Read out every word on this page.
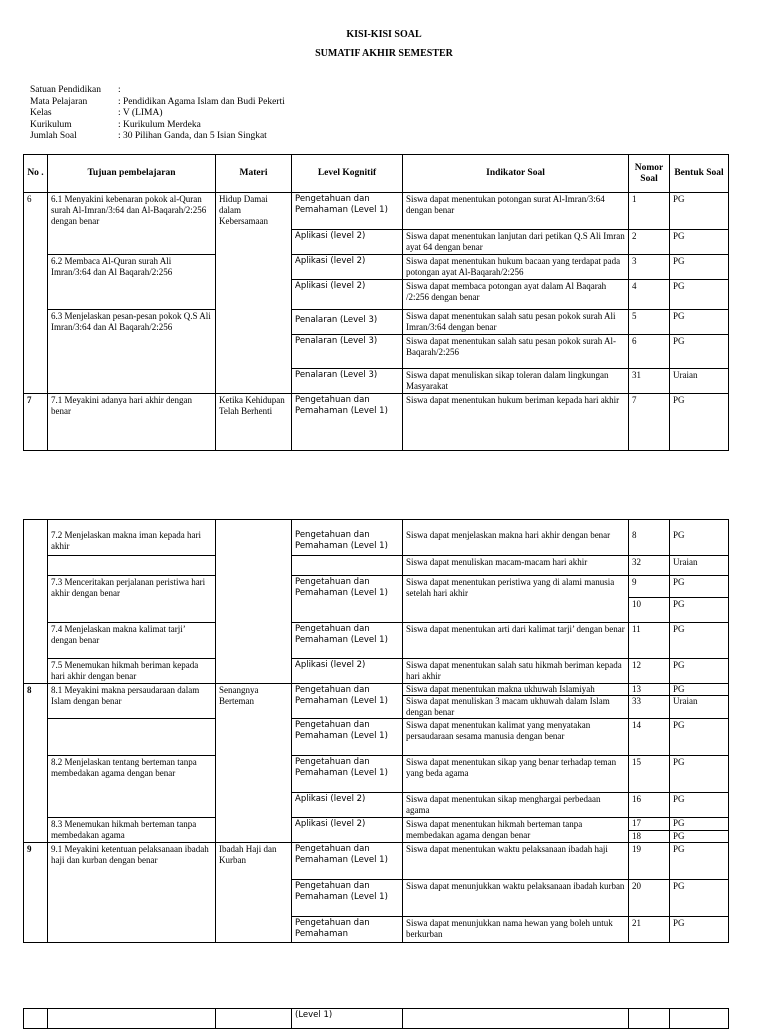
KISI-KISI SOAL
SUMATIF AKHIR SEMESTER
Satuan Pendidikan	:
Mata Pelajaran	: Pendidikan Agama Islam dan Budi Pekerti
Kelas	: V (LIMA)
Kurikulum	: Kurikulum Merdeka
Jumlah Soal	: 30 Pilihan Ganda, dan 5 Isian Singkat
No .	Tujuan pembelajaran	Materi	Level Kognitif	Indikator Soal	Nomor Soal	Bentuk Soal
6	6.1 Menyakini kebenaran pokok al-Quran surah Al-Imran/3:64 dan Al-Baqarah/2:256 dengan benar	Hidup Damai dalam Kebersamaan	Pengetahuan dan Pemahaman (Level 1)	Siswa dapat menentukan potongan surat Al-Imran/3:64 dengan benar	1	PG
			Aplikasi (level 2)	Siswa dapat menentukan lanjutan dari petikan Q.S Ali Imran ayat 64 dengan benar	2	PG
	6.2 Membaca Al-Quran surah Ali Imran/3:64 dan Al Baqarah/2:256		Aplikasi (level 2)	Siswa dapat menentukan hukum bacaan yang terdapat pada potongan ayat Al-Baqarah/2:256	3	PG
			Aplikasi (level 2)	Siswa dapat membaca potongan ayat dalam Al Baqarah /2:256 dengan benar	4	PG
	6.3 Menjelaskan pesan-pesan pokok Q.S Ali Imran/3:64 dan Al Baqarah/2:256		Penalaran (Level 3)	Siswa dapat menentukan salah satu pesan pokok surah Ali Imran/3:64 dengan benar	5	PG
			Penalaran (Level 3)	Siswa dapat menentukan salah satu pesan pokok surah Al-Baqarah/2:256	6	PG
			Penalaran (Level 3)	Siswa dapat menuliskan sikap toleran dalam lingkungan Masyarakat	31	Uraian
7	7.1 Meyakini adanya hari akhir dengan benar	Ketika Kehidupan Telah Berhenti	Pengetahuan dan Pemahaman (Level 1)	Siswa dapat menentukan hukum beriman kepada hari akhir	7	PG
	7.2 Menjelaskan makna iman kepada hari akhir		Pengetahuan dan Pemahaman (Level 1)	Siswa dapat menjelaskan makna hari akhir dengan benar	8	PG
				Siswa dapat menuliskan macam-macam hari akhir	32	Uraian
	7.3 Menceritakan perjalanan peristiwa hari akhir dengan benar		Pengetahuan dan Pemahaman (Level 1)	Siswa dapat menentukan peristiwa yang di alami manusia setelah hari akhir	9	PG
					10	PG
	7.4 Menjelaskan makna kalimat tarji’ dengan benar		Pengetahuan dan Pemahaman (Level 1)	Siswa dapat menentukan arti dari kalimat tarji’ dengan benar	11	PG
	7.5 Menemukan hikmah beriman kepada hari akhir dengan benar		Aplikasi (level 2)	Siswa dapat menentukan salah satu hikmah beriman kepada hari akhir	12	PG
8	8.1 Meyakini makna persaudaraan dalam Islam dengan benar	Senangnya Berteman	Pengetahuan dan Pemahaman (Level 1)	Siswa dapat menentukan makna ukhuwah Islamiyah	13	PG
				Siswa dapat menuliskan 3 macam ukhuwah dalam Islam dengan benar	33	Uraian
			Pengetahuan dan Pemahaman (Level 1)	Siswa dapat menentukan kalimat yang menyatakan persaudaraan sesama manusia dengan benar	14	PG
	8.2 Menjelaskan tentang berteman tanpa membedakan agama dengan benar		Pengetahuan dan Pemahaman (Level 1)	Siswa dapat menentukan sikap yang benar terhadap teman yang beda agama	15	PG
			Aplikasi (level 2)	Siswa dapat menentukan sikap menghargai perbedaan agama	16	PG
	8.3 Menemukan hikmah berteman tanpa membedakan agama		Aplikasi (level 2)	Siswa dapat menentukan hikmah berteman tanpa membedakan agama dengan benar	17	PG
					18	PG
9	9.1 Meyakini ketentuan pelaksanaan ibadah haji dan kurban dengan benar	Ibadah Haji dan Kurban	Pengetahuan dan Pemahaman (Level 1)	Siswa dapat menentukan waktu pelaksanaan ibadah haji	19	PG
			Pengetahuan dan Pemahaman (Level 1)	Siswa dapat menunjukkan waktu pelaksanaan ibadah kurban	20	PG
			Pengetahuan dan Pemahaman	Siswa dapat menunjukkan nama hewan yang boleh untuk berkurban	21	PG
			(Level 1)			
